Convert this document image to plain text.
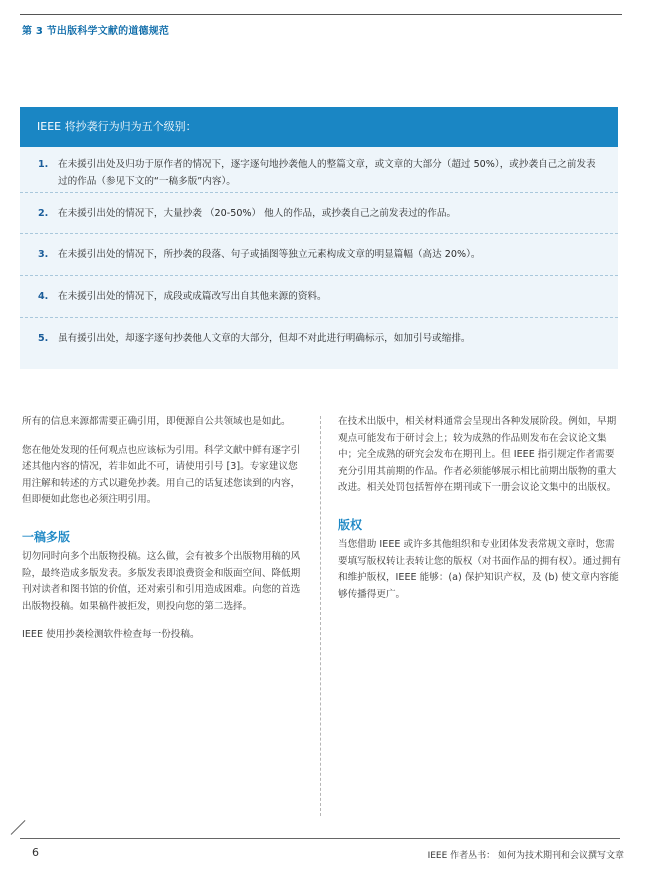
第 3 节出版科学文献的道德规范
IEEE 将抄袭行为归为五个级别：
1. 在未援引出处及归功于原作者的情况下，逐字逐句地抄袭他人的整篇文章，或文章的大部分（超过 50%），或抄袭自己之前发表过的作品（参见下文的“一稿多版”内容）。
2. 在未援引出处的情况下，大量抄袭 （20-50%） 他人的作品，或抄袭自己之前发表过的作品。
3. 在未援引出处的情况下，所抄袭的段落、句子或插图等独立元素构成文章的明显篇幅（高达 20%）。
4. 在未援引出处的情况下，成段或成篇改写出自其他来源的资料。
5. 虽有援引出处，却逐字逐句抄袭他人文章的大部分，但却不对此进行明确标示，如加引号或缩排。

所有的信息来源都需要正确引用，即便源自公共领域也是如此。

您在他处发现的任何观点也应该标为引用。科学文献中鲜有逐字引述其他内容的情况，若非如此不可，请使用引号 [3]。专家建议您用注解和转述的方式以避免抄袭。用自己的话复述您读到的内容，但即便如此您也必须注明引用。

一稿多版

切勿同时向多个出版物投稿。这么做，会有被多个出版物用稿的风险，最终造成多版发表。多版发表即浪费资金和版面空间、降低期刊对读者和图书馆的价值，还对索引和引用造成困难。向您的首选出版物投稿。如果稿件被拒发，则投向您的第二选择。

IEEE 使用抄袭检测软件检查每一份投稿。

在技术出版中，相关材料通常会呈现出各种发展阶段。例如，早期观点可能发布于研讨会上；较为成熟的作品则发布在会议论文集中；完全成熟的研究会发布在期刊上。但 IEEE 指引规定作者需要充分引用其前期的作品。作者必须能够展示相比前期出版物的重大改进。相关处罚包括暂停在期刊或下一册会议论文集中的出版权。

版权

当您借助 IEEE 或许多其他组织和专业团体发表常规文章时，您需要填写版权转让表转让您的版权（对书面作品的拥有权）。通过拥有和维护版权，IEEE 能够：(a) 保护知识产权，及 (b) 使文章内容能够传播得更广。

6	IEEE 作者丛书： 如何为技术期刊和会议撰写文章
